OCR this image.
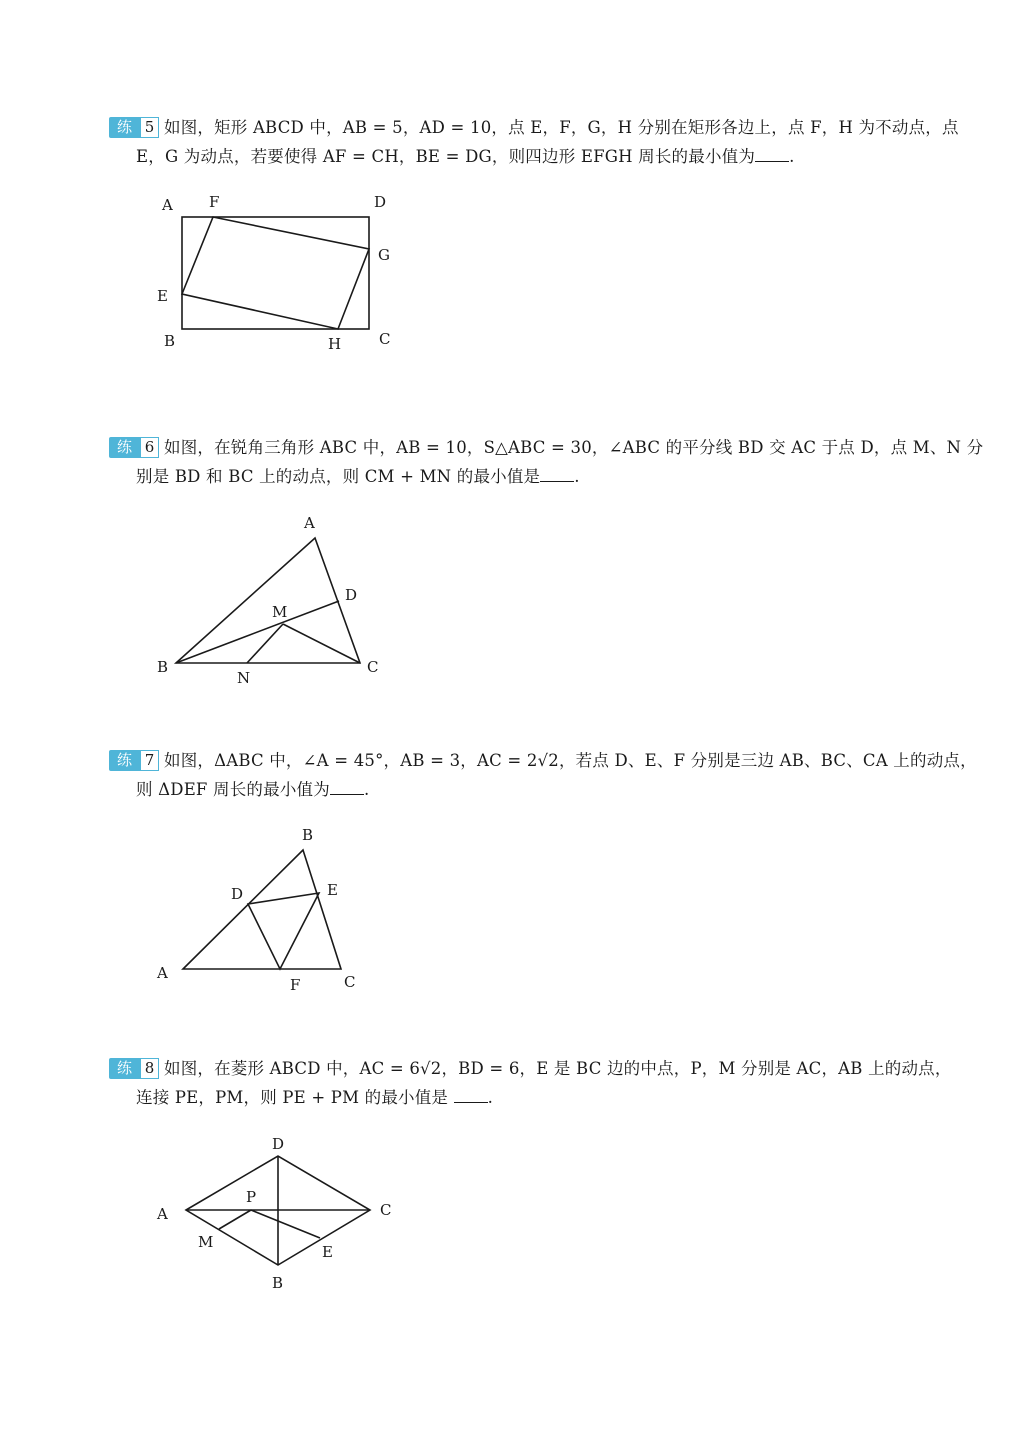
练 5 如图，矩形 ABCD 中，AB = 5，AD = 10，点 E，F，G，H 分别在矩形各边上，点 F，H 为不动点，点
E，G 为动点，若要使得 AF = CH，BE = DG，则四边形 EFGH 周长的最小值为 .
A F	D
G
E
B	H	C
练 6 如图，在锐角三角形 ABC 中，AB = 10，S△ABC = 30，∠ABC 的平分线 BD 交 AC 于点 D，点 M、N 分
别是 BD 和 BC 上的动点，则 CM + MN 的最小值是 .
A
D
M
B
N
C
练 7 如图，ΔABC 中，∠A = 45°，AB = 3，AC = 2√2，若点 D、E、F 分别是三边 AB、BC、CA 上的动点，
则 ΔDEF 周长的最小值为 .
B
D	E
A
F	C
练 8 如图，在菱形 ABCD 中，AC = 6√2，BD = 6，E 是 BC 边的中点，P，M 分别是 AC，AB 上的动点，
连接 PE，PM，则 PE + PM 的最小值是 .
D
P
A	C
M
E
B
